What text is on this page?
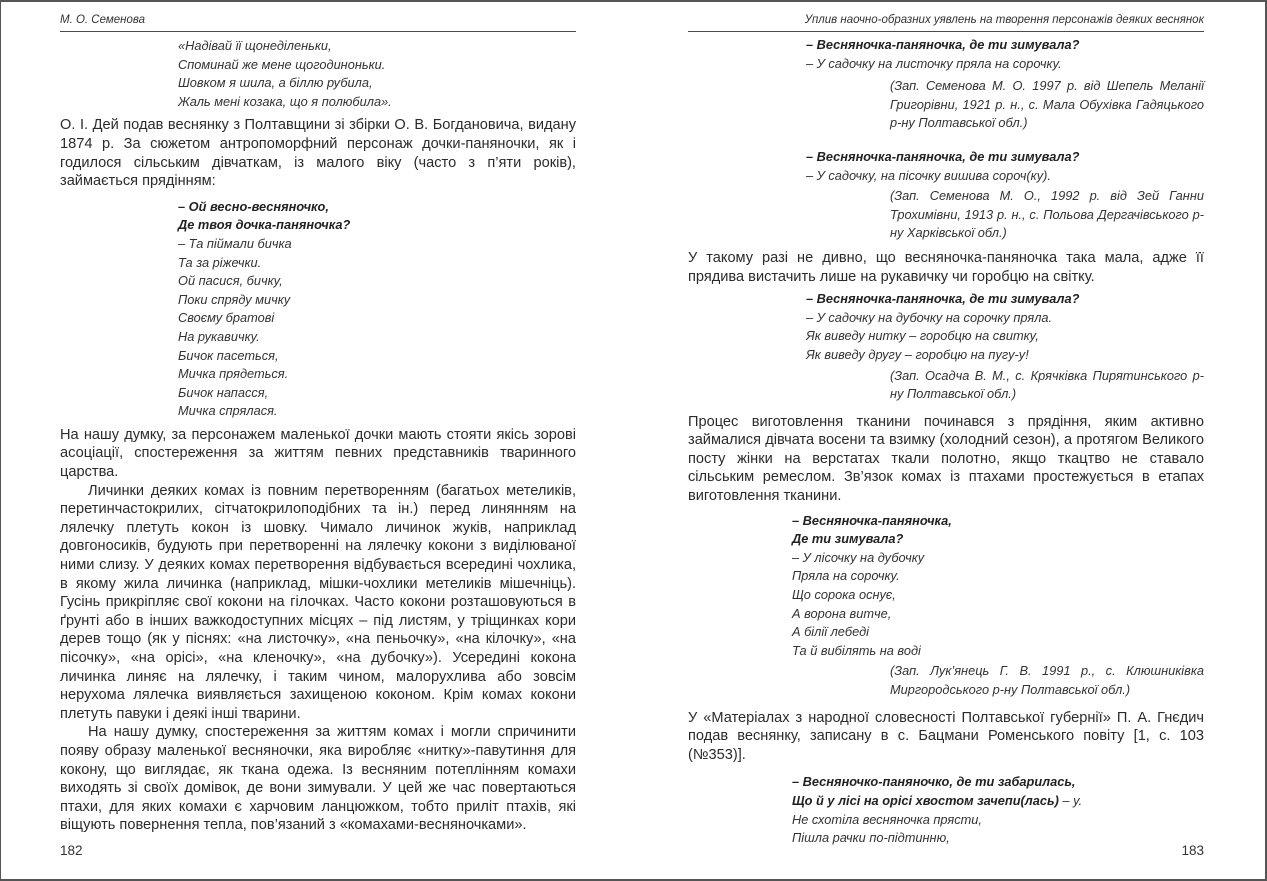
М. О. Семенова
«Надівай її щонеділеньки,
Споминай же мене щогодиноньки.
Шовком я шила, а біллю рубила,
Жаль мені козака, що я полюбила».

О. І. Дей подав веснянку з Полтавщини зі збірки О. В. Богдановича, видану 1874 р. За сюжетом антропоморфний персонаж дочки-паняночки, як і годилося сільським дівчаткам, із малого віку (часто з п’яти років), займається прядінням:

– Ой весно-весняночко,
Де твоя дочка-паняночка?
– Та піймали бичка
Та за ріжечки.
Ой пасися, бичку,
Поки спряду мичку
Своєму братові
На рукавичку.
Бичок пасеться,
Мичка прядеться.
Бичок напасся,
Мичка спрялася.

На нашу думку, за персонажем маленької дочки мають стояти якісь зорові асоціації, спостереження за життям певних представників тваринного царства.

Личинки деяких комах із повним перетворенням (багатьох метеликів, перетинчастокрилих, сітчатокрилоподібних та ін.) перед линянням на лялечку плетуть кокон із шовку. Чимало личинок жуків, наприклад довгоносиків, будують при перетворенні на лялечку кокони з виділюваної ними слизу. У деяких комах перетворення відбувається всередині чохлика, в якому жила личинка (наприклад, мішки-чохлики метеликів мішечніць). Гусінь прикріпляє свої кокони на гілочках. Часто кокони розташовуються в ґрунті або в інших важкодоступних місцях – під листям, у тріщинках кори дерев тощо (як у піснях: «на листочку», «на пеньочку», «на кілочку», «на пісочку», «на орісі», «на кленочку», «на дубочку»). Усередині кокона личинка линяє на лялечку, і таким чином, малорухлива або зовсім нерухома лялечка виявляється захищеною коконом. Крім комах кокони плетуть павуки і деякі інші тварини.

На нашу думку, спостереження за життям комах і могли спричинити появу образу маленької весняночки, яка виробляє «нитку»-павутиння для кокону, що виглядає, як ткана одежа. Із весняним потеплінням комахи виходять зі своїх домівок, де вони зимували. У цей же час повертаються птахи, для яких комахи є харчовим ланцюжком, тобто приліт птахів, які віщують повернення тепла, пов’язаний з «комахами-весняночками».

182
Уплив наочно-образних уявлень на творення персонажів деяких веснянок
– Весняночка-паняночка, де ти зимувала?
– У садочку на листочку пряла на сорочку.

(Зап. Семенова М. О. 1997 р. від Шепель Меланії Григорівни, 1921 р. н., с. Мала Обухівка Гадяцького р-ну Полтавської обл.)

– Весняночка-паняночка, де ти зимувала?
– У садочку, на пісочку вишива сороч(ку).

(Зап. Семенова М. О., 1992 р. від Зей Ганни Трохимівни, 1913 р. н., с. Польова Дергачівського р-ну Харківської обл.)

У такому разі не дивно, що весняночка-паняночка така мала, адже її прядива вистачить лише на рукавичку чи горобцю на світку.

– Весняночка-паняночка, де ти зимувала?
– У садочку на дубочку на сорочку пряла.
Як виведу нитку – горобцю на свитку,
Як виведу другу – горобцю на пугу-у!

(Зап. Осадча В. М., с. Крячківка Пирятинського р-ну Полтавської обл.)

Процес виготовлення тканини починався з прядіння, яким активно займалися дівчата восени та взимку (холодний сезон), а протягом Великого посту жінки на верстатах ткали полотно, якщо ткацтво не ставало сільським ремеслом. Зв’язок комах із птахами простежується в етапах виготовлення тканини.

– Весняночка-паняночка,
Де ти зимувала?
– У лісочку на дубочку
Пряла на сорочку.
Що сорока оснує,
А ворона витче,
А білії лебеді
Та й вибілять на воді

(Зап. Лук’янець Г. В. 1991 р., с. Клюшниківка Миргородського р-ну Полтавської обл.)

У «Матеріалах з народної словесності Полтавської губернії» П. А. Гнєдич подав веснянку, записану в с. Бацмани Роменського повіту [1, с. 103 (№353)].

– Весняночко-паняночко, де ти забарилась,
Що й у лісі на орісі хвостом зачепи(лась) – у.
Не схотіла весняночка прясти,
Пішла рачки по-підтинню,
183
